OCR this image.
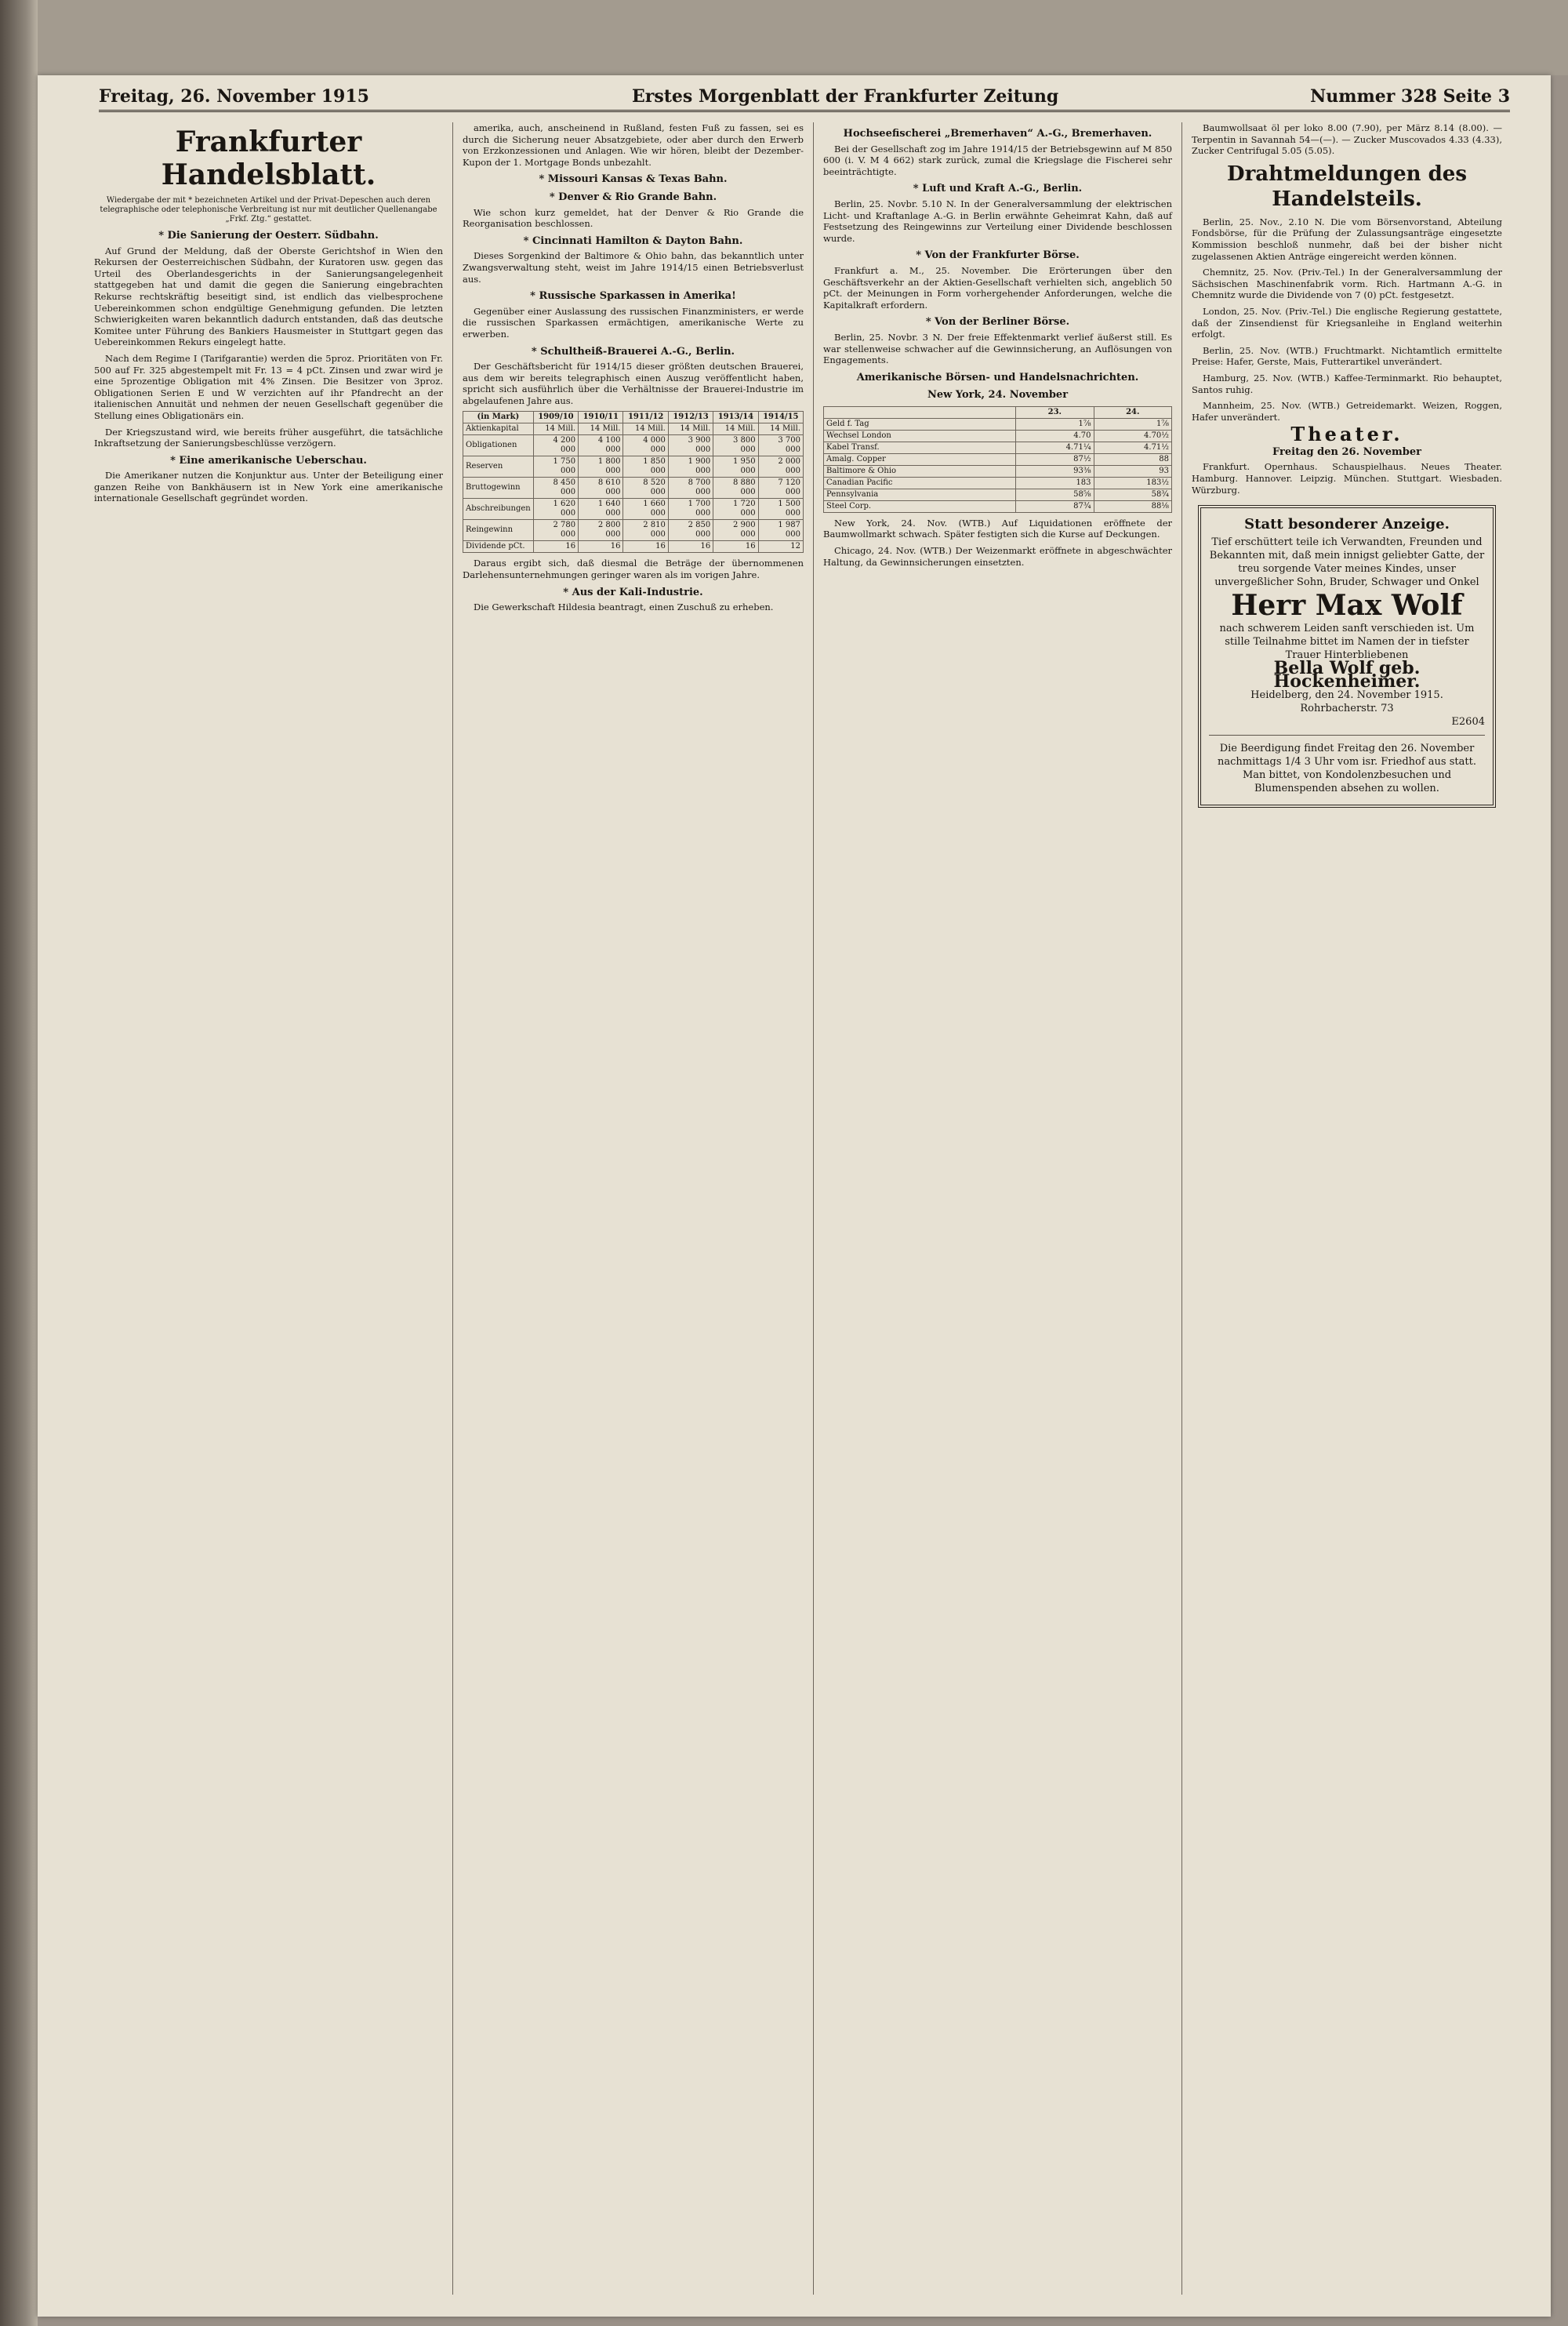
Freitag, 26. November 1915	Erstes Morgenblatt der Frankfurter Zeitung	Nummer 328 Seite 3
Frankfurter Handelsblatt.
Wiedergabe der mit * bezeichneten Artikel und der Privat-Depeschen auch deren telegraphische oder telephonische Verbreitung ist nur mit deutlicher Quellenangabe „Frkf. Ztg.“ gestattet.
* Die Sanierung der Oesterr. Südbahn.

Auf Grund der Meldung, daß der Oberste Gerichtshof in Wien den Rekursen der Oesterreichischen Südbahn, der Kuratoren usw. gegen das Urteil des Oberlandesgerichts in der Sanierungsangelegenheit stattgegeben hat und damit die gegen die Sanierung eingebrachten Rekurse rechtskräftig beseitigt sind, ist endlich das vielbesprochene Uebereinkommen schon endgültige Genehmigung gefunden. Die letzten Schwierigkeiten waren bekanntlich dadurch entstanden, daß das deutsche Komitee unter Führung des Bankiers Hausmeister in Stuttgart gegen das Uebereinkommen Rekurs eingelegt hatte.

Nach dem Regime I (Tarifgarantie) werden die 5proz. Prioritäten von Fr. 500 auf Fr. 325 abgestempelt mit Fr. 13 = 4 pCt. Zinsen und zwar wird je eine 5prozentige Obligation mit 4% Zinsen. Die Besitzer von 3proz. Obligationen Serien E und W verzichten auf ihr Pfandrecht an der italienischen Annuität und nehmen der neuen Gesellschaft gegenüber die Stellung eines Obligationärs ein.

Der Kriegszustand wird, wie bereits früher ausgeführt, die tatsächliche Inkraftsetzung der Sanierungsbeschlüsse verzögern.

* Eine amerikanische Ueberschau.

Die Amerikaner nutzen die Konjunktur aus. Unter der Beteiligung einer ganzen Reihe von Bankhäusern ist in New York eine amerikanische internationale Gesellschaft gegründet worden.

amerika, auch, anscheinend in Rußland, festen Fuß zu fassen, sei es durch die Sicherung neuer Absatzgebiete, oder aber durch den Erwerb von Erzkonzessionen und Anlagen. Wie wir hören, bleibt der Dezember-Kupon der 1. Mortgage Bonds unbezahlt.

* Missouri Kansas & Texas Bahn.
* Denver & Rio Grande Bahn.

Wie schon kurz gemeldet, hat der Denver & Rio Grande die Reorganisation beschlossen.

* Cincinnati Hamilton & Dayton Bahn.

Dieses Sorgenkind der Baltimore & Ohio bahn, das bekanntlich unter Zwangsverwaltung steht, weist im Jahre 1914/15 einen Betriebsverlust aus.

* Russische Sparkassen in Amerika!

Gegenüber einer Auslassung des russischen Finanzministers, er werde die russischen Sparkassen ermächtigen, amerikanische Werte zu erwerben.

* Schultheiß-Brauerei A.-G., Berlin.

Der Geschäftsbericht für 1914/15 dieser größten deutschen Brauerei, aus dem wir bereits telegraphisch einen Auszug veröffentlicht haben, spricht sich ausführlich über die Verhältnisse der Brauerei-Industrie im abgelaufenen Jahre aus.

(in Mark)	1909/10	1910/11	1911/12	1912/13	1913/14	1914/15
Aktienkapital	14 Mill.	14 Mill.	14 Mill.	14 Mill.	14 Mill.	14 Mill.
Obligationen	4 200 000	4 100 000	4 000 000	3 900 000	3 800 000	3 700 000
Reserven	1 750 000	1 800 000	1 850 000	1 900 000	1 950 000	2 000 000
Bruttogewinn	8 450 000	8 610 000	8 520 000	8 700 000	8 880 000	7 120 000
Abschreibungen	1 620 000	1 640 000	1 660 000	1 700 000	1 720 000	1 500 000
Reingewinn	2 780 000	2 800 000	2 810 000	2 850 000	2 900 000	1 987 000
Dividende pCt.	16	16	16	16	16	12

Daraus ergibt sich, daß diesmal die Beträge der übernommenen Darlehensunternehmungen geringer waren als im vorigen Jahre.

* Aus der Kali-Industrie.

Die Gewerkschaft Hildesia beantragt, einen Zuschuß zu erheben.

Hochseefischerei „Bremerhaven“ A.-G., Bremerhaven.

Bei der Gesellschaft zog im Jahre 1914/15 der Betriebsgewinn auf M 850 600 (i. V. M 4 662) stark zurück, zumal die Kriegslage die Fischerei sehr beeinträchtigte.

* Luft und Kraft A.-G., Berlin.

Berlin, 25. Novbr. 5.10 N. In der Generalversammlung der elektrischen Licht- und Kraftanlage A.-G. in Berlin erwähnte Geheimrat Kahn, daß auf Festsetzung des Reingewinns zur Verteilung einer Dividende beschlossen wurde.

* Von der Frankfurter Börse.

Frankfurt a. M., 25. November. Die Erörterungen über den Geschäftsverkehr an der Aktien-Gesellschaft verhielten sich, angeblich 50 pCt. der Meinungen in Form vorhergehender Anforderungen, welche die Kapitalkraft erfordern.

* Von der Berliner Börse.

Berlin, 25. Novbr. 3 N. Der freie Effektenmarkt verlief äußerst still. Es war stellenweise schwacher auf die Gewinnsicherung, an Auflösungen von Engagements.

Amerikanische Börsen- und Handelsnachrichten.
New York, 24. November
	23.	24.
Geld f. Tag	1⅞	1⅞
Wechsel London	4.70	4.70½
Kabel Transf.	4.71¼	4.71½
Amalg. Copper	87½	88
Baltimore & Ohio	93⅜	93
Canadian Pacific	183	183½
Pennsylvania	58⅝	58¾
Steel Corp.	87¾	88⅛

New York, 24. Nov. (WTB.) Auf Liquidationen eröffnete der Baumwollmarkt schwach. Später festigten sich die Kurse auf Deckungen.

Chicago, 24. Nov. (WTB.) Der Weizenmarkt eröffnete in abgeschwächter Haltung, da Gewinnsicherungen einsetzten.

Baumwollsaat öl per loko 8.00 (7.90), per März 8.14 (8.00). — Terpentin in Savannah 54—(—). — Zucker Muscovados 4.33 (4.33), Zucker Centrifugal 5.05 (5.05).

Drahtmeldungen des Handelsteils.

Berlin, 25. Nov., 2.10 N. Die vom Börsenvorstand, Abteilung Fondsbörse, für die Prüfung der Zulassungsanträge eingesetzte Kommission beschloß nunmehr, daß bei der bisher nicht zugelassenen Aktien Anträge eingereicht werden können.

Chemnitz, 25. Nov. (Priv.-Tel.) In der Generalversammlung der Sächsischen Maschinenfabrik vorm. Rich. Hartmann A.-G. in Chemnitz wurde die Dividende von 7 (0) pCt. festgesetzt.

London, 25. Nov. (Priv.-Tel.) Die englische Regierung gestattete, daß der Zinsendienst für Kriegsanleihe in England weiterhin erfolgt.

Berlin, 25. Nov. (WTB.) Fruchtmarkt. Nichtamtlich ermittelte Preise: Hafer, Gerste, Mais, Futterartikel unverändert.

Hamburg, 25. Nov. (WTB.) Kaffee-Terminmarkt. Rio behauptet, Santos ruhig.

Mannheim, 25. Nov. (WTB.) Getreidemarkt. Weizen, Roggen, Hafer unverändert.

Theater.
Freitag den 26. November

Frankfurt. Opernhaus. Schauspielhaus. Neues Theater. Hamburg. Hannover. Leipzig. München. Stuttgart. Wiesbaden. Würzburg.

Statt besonderer Anzeige.
Tief erschüttert teile ich Verwandten, Freunden und Bekannten mit, daß mein innigst geliebter Gatte, der treu sorgende Vater meines Kindes, unser unvergeßlicher Sohn, Bruder, Schwager und Onkel
Herr Max Wolf
nach schwerem Leiden sanft verschieden ist. Um stille Teilnahme bittet im Namen der in tiefster Trauer Hinterbliebenen
Bella Wolf geb. Hockenheimer.
Heidelberg, den 24. November 1915.
Rohrbacherstr. 73
E2604
Die Beerdigung findet Freitag den 26. November nachmittags 1/4 3 Uhr vom isr. Friedhof aus statt. Man bittet, von Kondolenzbesuchen und Blumenspenden absehen zu wollen.
